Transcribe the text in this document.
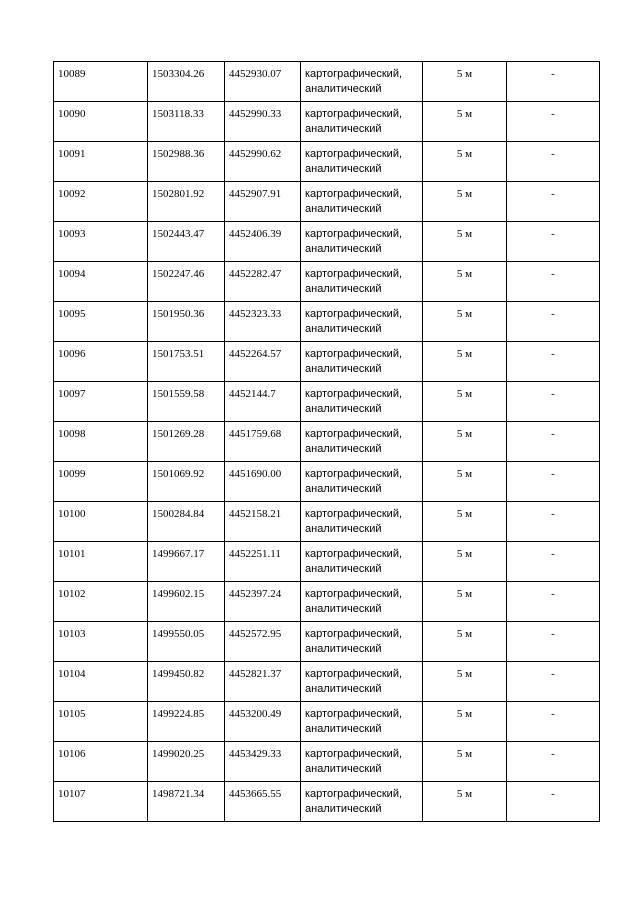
10089	1503304.26	4452930.07	картографический,
аналитический	5 м	-
10090	1503118.33	4452990.33	картографический,
аналитический	5 м	-
10091	1502988.36	4452990.62	картографический,
аналитический	5 м	-
10092	1502801.92	4452907.91	картографический,
аналитический	5 м	-
10093	1502443.47	4452406.39	картографический,
аналитический	5 м	-
10094	1502247.46	4452282.47	картографический,
аналитический	5 м	-
10095	1501950.36	4452323.33	картографический,
аналитический	5 м	-
10096	1501753.51	4452264.57	картографический,
аналитический	5 м	-
10097	1501559.58	4452144.7	картографический,
аналитический	5 м	-
10098	1501269.28	4451759.68	картографический,
аналитический	5 м	-
10099	1501069.92	4451690.00	картографический,
аналитический	5 м	-
10100	1500284.84	4452158.21	картографический,
аналитический	5 м	-
10101	1499667.17	4452251.11	картографический,
аналитический	5 м	-
10102	1499602.15	4452397.24	картографический,
аналитический	5 м	-
10103	1499550.05	4452572.95	картографический,
аналитический	5 м	-
10104	1499450.82	4452821.37	картографический,
аналитический	5 м	-
10105	1499224.85	4453200.49	картографический,
аналитический	5 м	-
10106	1499020.25	4453429.33	картографический,
аналитический	5 м	-
10107	1498721.34	4453665.55	картографический,
аналитический	5 м	-
